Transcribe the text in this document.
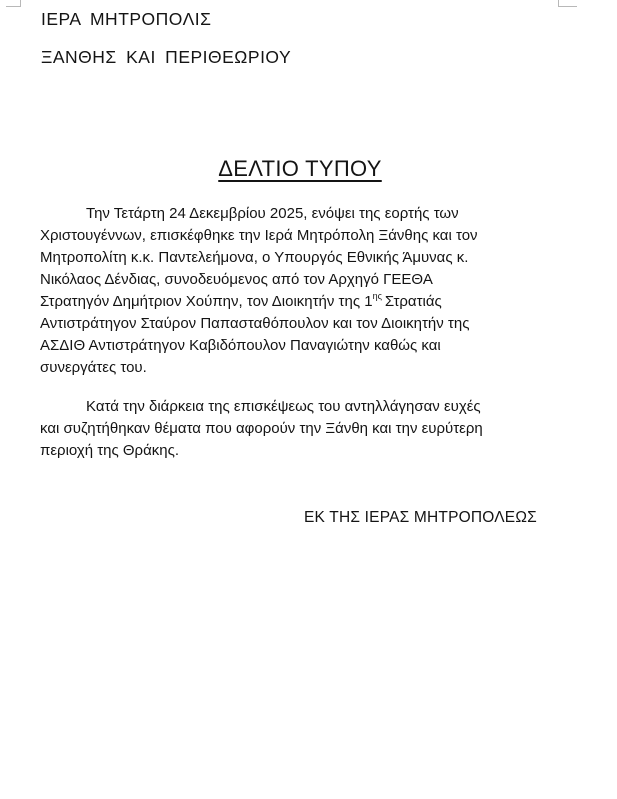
ΙΕΡΑ ΜΗΤΡΟΠΟΛΙΣ
ΞΑΝΘΗΣ ΚΑΙ ΠΕΡΙΘΕΩΡΙΟΥ
ΔΕΛΤΙΟ ΤΥΠΟΥ
Την Τετάρτη 24 Δεκεμβρίου 2025, ενόψει της εορτής των
Χριστουγέννων, επισκέφθηκε την Ιερά Μητρόπολη Ξάνθης και τον
Μητροπολίτη κ.κ. Παντελεήμονα, ο Υπουργός Εθνικής Άμυνας κ.
Νικόλαος Δένδιας, συνοδευόμενος από τον Αρχηγό ΓΕΕΘΑ
Στρατηγόν Δημήτριον Χούπην, τον Διοικητήν της $1^{\eta\varsigma}$ Στρατιάς
Αντιστράτηγον Σταύρον Παπασταθόπουλον και τον Διοικητήν της
ΑΣΔΙΘ Αντιστράτηγον Καβιδόπουλον Παναγιώτην καθώς και
συνεργάτες του.
Κατά την διάρκεια της επισκέψεως του αντηλλάγησαν ευχές
και συζητήθηκαν θέματα που αφορούν την Ξάνθη και την ευρύτερη
περιοχή της Θράκης.
ΕΚ ΤΗΣ ΙΕΡΑΣ ΜΗΤΡΟΠΟΛΕΩΣ
